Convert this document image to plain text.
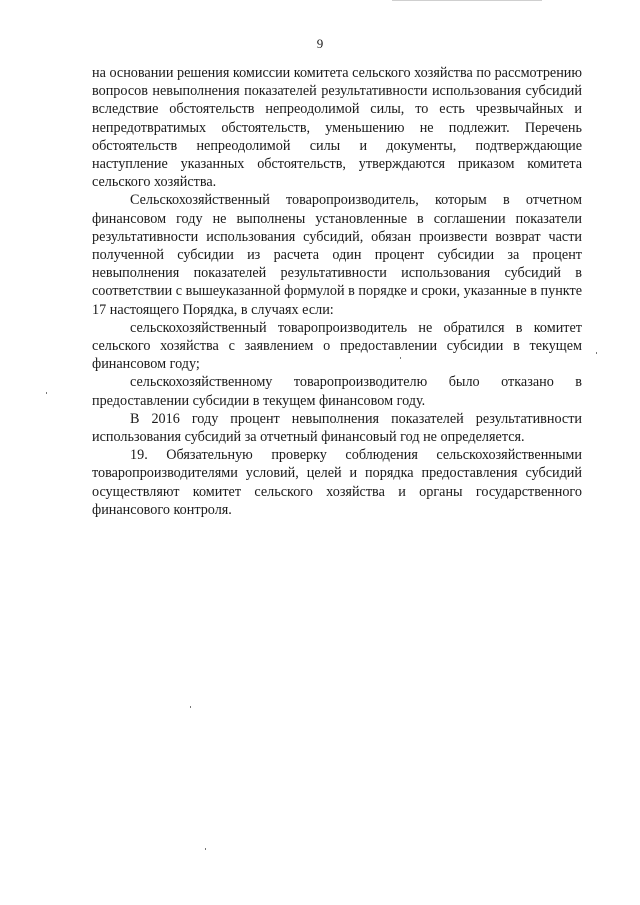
9

на основании решения комиссии комитета сельского хозяйства по рассмотрению вопросов невыполнения показателей результативности использования субсидий вследствие обстоятельств непреодолимой силы, то есть чрезвычайных и непредотвратимых обстоятельств, уменьшению не подлежит. Перечень обстоятельств непреодолимой силы и документы, подтверждающие наступление указанных обстоятельств, утверждаются приказом комитета сельского хозяйства.

Сельскохозяйственный товаропроизводитель, которым в отчетном финансовом году не выполнены установленные в соглашении показатели результативности использования субсидий, обязан произвести возврат части полученной субсидии из расчета один процент субсидии за процент невыполнения показателей результативности использования субсидий в соответствии с вышеуказанной формулой в порядке и сроки, указанные в пункте 17 настоящего Порядка, в случаях если:

сельскохозяйственный товаропроизводитель не обратился в комитет сельского хозяйства с заявлением о предоставлении субсидии в текущем финансовом году;

сельскохозяйственному товаропроизводителю было отказано в предоставлении субсидии в текущем финансовом году.

В 2016 году процент невыполнения показателей результативности использования субсидий за отчетный финансовый год не определяется.

19. Обязательную проверку соблюдения сельскохозяйственными товаропроизводителями условий, целей и порядка предоставления субсидий осуществляют комитет сельского хозяйства и органы государственного финансового контроля.
